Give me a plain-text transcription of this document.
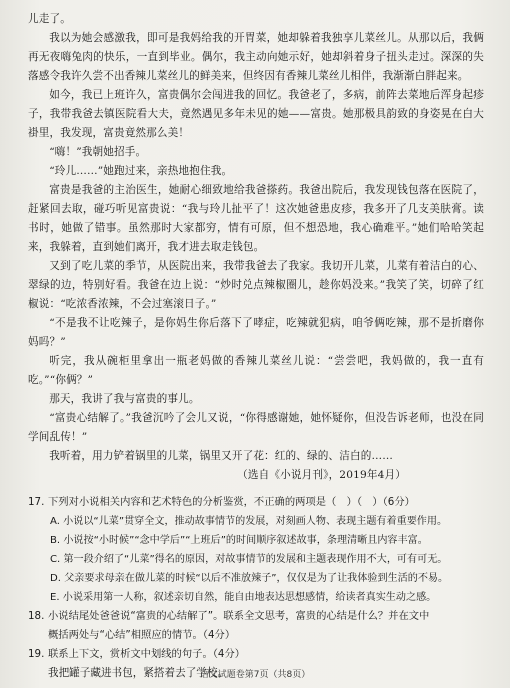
儿走了。

我以为她会感激我，即可是我妈给我的开胃菜，她却躲着我独享儿菜丝儿。从那以后，我俩再无夜嗨兔肉的快乐，一直到毕业。偶尔，我主动向她示好，她却斜着身子扭头走过。深深的失落感令我许久尝不出香辣儿菜丝儿的鲜美来，但终因有香辣儿菜丝儿相伴，我渐渐白胖起来。

如今，我已上班许久，富贵偶尔会闯进我的回忆。我爸老了，多病，前阵去菜地后浑身起疹子，我带我爸去镇医院看大夫，竟然遇见多年未见的她——富贵。她那极具韵致的身姿晃在白大褂里，我发现，富贵竟然那么美！

“嗨！”我朝她招手。

“玲儿……”她跑过来，亲热地抱住我。

富贵是我爸的主治医生，她耐心细致地给我爸搽药。我爸出院后，我发现钱包落在医院了，赶紧回去取，碰巧听见富贵说：“我与玲儿扯平了！这次她爸患皮疹，我多开了几支美肤膏。读书时，她做了错事。虽然那时大家都穷，情有可原，但不想恐地，我心确难平。”她们哈哈笑起来，我躲着，直到她们离开，我才进去取走钱包。

又到了吃儿菜的季节，从医院出来，我带我爸去了我家。我切开儿菜，儿菜有着洁白的心、翠绿的边，特别好看。我爸在边上说：“炒时兑点辣椒圈儿，趁你妈没来。”我笑了笑，切碎了红椒说：“吃浓香浓辣，不会过塞滚日子。”

“不是我不让吃辣子，是你妈生你后落下了哮症，吃辣就犯病，咱爷俩吃辣，那不是折磨你妈吗？”

听完，我从碗柜里拿出一瓶老妈做的香辣儿菜丝儿说：“尝尝吧，我妈做的，我一直有吃。”“你俩？”

那天，我讲了我与富贵的事儿。

“富贵心结解了。”我爸沉吟了会儿又说，“你得感谢她，她怀疑你，但没告诉老师，也没在同学间乱传！”

我听着，用力铲着锅里的儿菜，锅里又开了花：红的、绿的、洁白的……

（选自《小说月刊》，2019年4月）

17. 下列对小说相关内容和艺术特色的分析鉴赏，不正确的两项是（　）（　）（6分）

A. 小说以“儿菜”贯穿全文，推动故事情节的发展，对刻画人物、表现主题有着重要作用。

B. 小说按“小时候”“念中学后”“上班后”的时间顺序叙述故事，条理清晰且内容丰富。

C. 第一段介绍了“儿菜”得名的原因，对故事情节的发展和主题表现作用不大，可有可无。

D. 父亲要求母亲在做儿菜的时候“以后不准放辣子”，仅仅是为了让我体验到生活的不易。

E. 小说采用第一人称，叙述亲切自然，能自由地表达思想感情，给读者真实生动之感。

18. 小说结尾处爸爸说“富贵的心结解了”。联系全文思考，富贵的心结是什么？并在文中

概括两处与“心结”相照应的情节。（4分）

19. 联系上下文，赏析文中划线的句子。（4分）

我把罐子藏进书包，紧搭着去了学校。

语文试题卷第7页（共8页）
